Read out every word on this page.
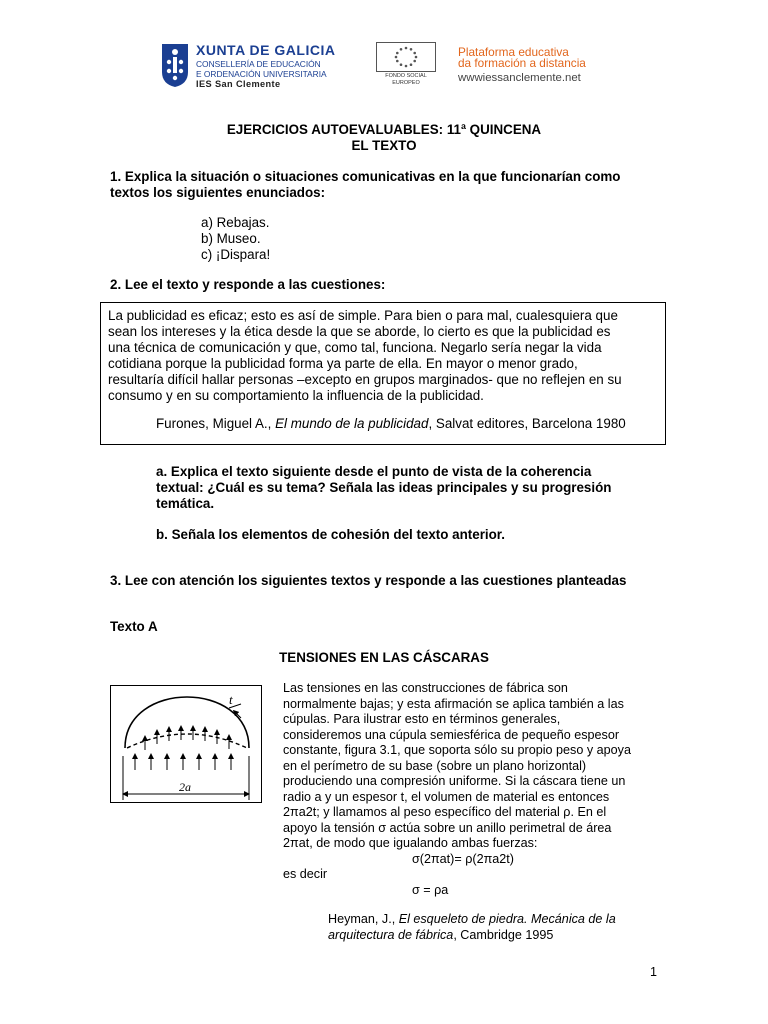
XUNTA DE GALICIA
CONSELLERÍA DE EDUCACIÓN
E ORDENACIÓN UNIVERSITARIA
IES San Clemente
FONDO SOCIAL
EUROPEO
Plataforma educativa
da formación a distancia
wwwiessanclemente.net
EJERCICIOS AUTOEVALUABLES: 11ª QUINCENA
EL TEXTO
1. Explica la situación o situaciones comunicativas en la que funcionarían como
textos los siguientes enunciados:
a) Rebajas.
b) Museo.
c) ¡Dispara!
2. Lee el texto y responde a las cuestiones:
La publicidad es eficaz; esto es así de simple. Para bien o para mal, cualesquiera que
sean los intereses y la ética desde la que se aborde, lo cierto es que la publicidad es
una técnica de comunicación y que, como tal, funciona. Negarlo sería negar la vida
cotidiana porque la publicidad forma ya parte de ella. En mayor o menor grado,
resultaría difícil hallar personas –excepto en grupos marginados- que no reflejen en su
consumo y en su comportamiento la influencia de la publicidad.
Furones, Miguel A., El mundo de la publicidad, Salvat editores, Barcelona 1980
a. Explica el texto siguiente desde el punto de vista de la coherencia
textual: ¿Cuál es su tema? Señala las ideas principales y su progresión
temática.
b. Señala los elementos de cohesión del texto anterior.
3. Lee con atención los siguientes textos y responde a las cuestiones planteadas
Texto A
TENSIONES EN LAS CÁSCARAS
t
2a
Las tensiones en las construcciones de fábrica son
normalmente bajas; y esta afirmación se aplica también a las
cúpulas. Para ilustrar esto en términos generales,
consideremos una cúpula semiesférica de pequeño espesor
constante, figura 3.1, que soporta sólo su propio peso y apoya
en el perímetro de su base (sobre un plano horizontal)
produciendo una compresión uniforme. Si la cáscara tiene un
radio a y un espesor t, el volumen de material es entonces
2πa2t; y llamamos al peso específico del material ρ. En el
apoyo la tensión σ actúa sobre un anillo perimetral de área
2πat, de modo que igualando ambas fuerzas:
σ(2πat)= ρ(2πa2t)
es decir
σ = ρa
Heyman, J., El esqueleto de piedra. Mecánica de la
arquitectura de fábrica, Cambridge 1995
1
